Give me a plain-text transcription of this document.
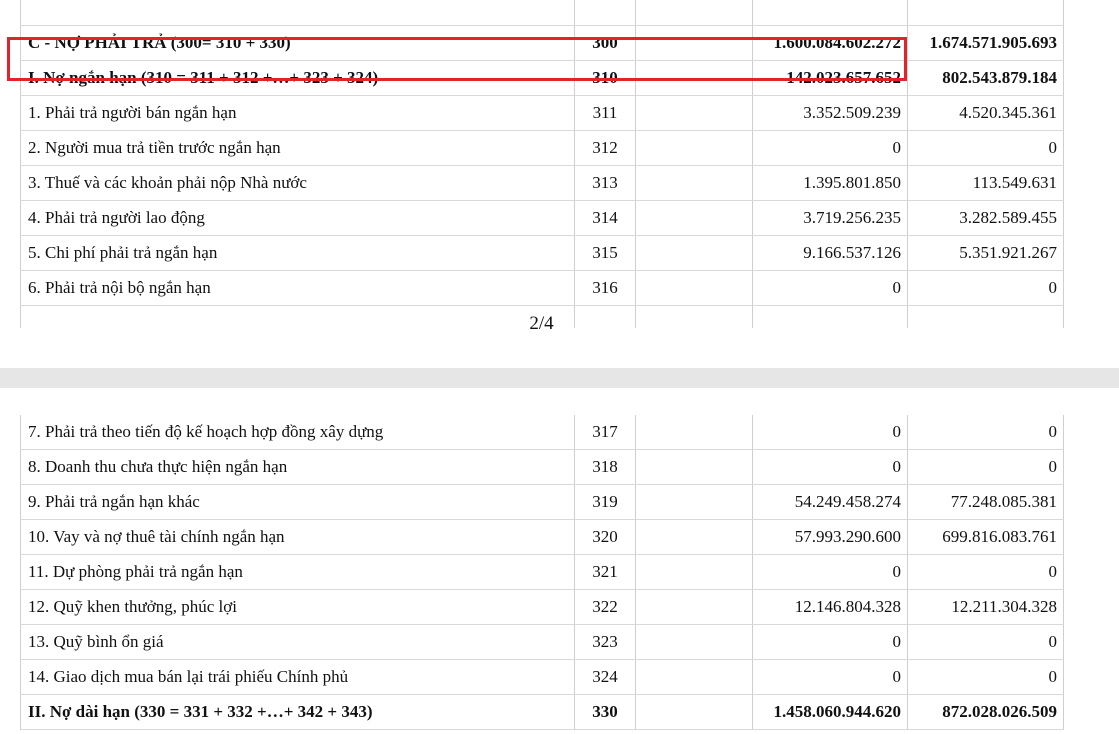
C - NỢ PHẢI TRẢ (300= 310 + 330)	300		1.600.084.602.272	1.674.571.905.693
I. Nợ ngắn hạn (310 = 311 + 312 +…+ 323 + 324)	310		142.023.657.652	802.543.879.184
1. Phải trả người bán ngắn hạn	311		3.352.509.239	4.520.345.361
2. Người mua trả tiền trước ngắn hạn	312		0	0
3. Thuế và các khoản phải nộp Nhà nước	313		1.395.801.850	113.549.631
4. Phải trả người lao động	314		3.719.256.235	3.282.589.455
5. Chi phí phải trả ngắn hạn	315		9.166.537.126	5.351.921.267
6. Phải trả nội bộ ngắn hạn	316		0	0

2/4
7. Phải trả theo tiến độ kế hoạch hợp đồng xây dựng	317		0	0
8. Doanh thu chưa thực hiện ngắn hạn	318		0	0
9. Phải trả ngắn hạn khác	319		54.249.458.274	77.248.085.381
10. Vay và nợ thuê tài chính ngắn hạn	320		57.993.290.600	699.816.083.761
11. Dự phòng phải trả ngắn hạn	321		0	0
12. Quỹ khen thưởng, phúc lợi	322		12.146.804.328	12.211.304.328
13. Quỹ bình ổn giá	323		0	0
14. Giao dịch mua bán lại trái phiếu Chính phủ	324		0	0
II. Nợ dài hạn (330 = 331 + 332 +…+ 342 + 343)	330		1.458.060.944.620	872.028.026.509
